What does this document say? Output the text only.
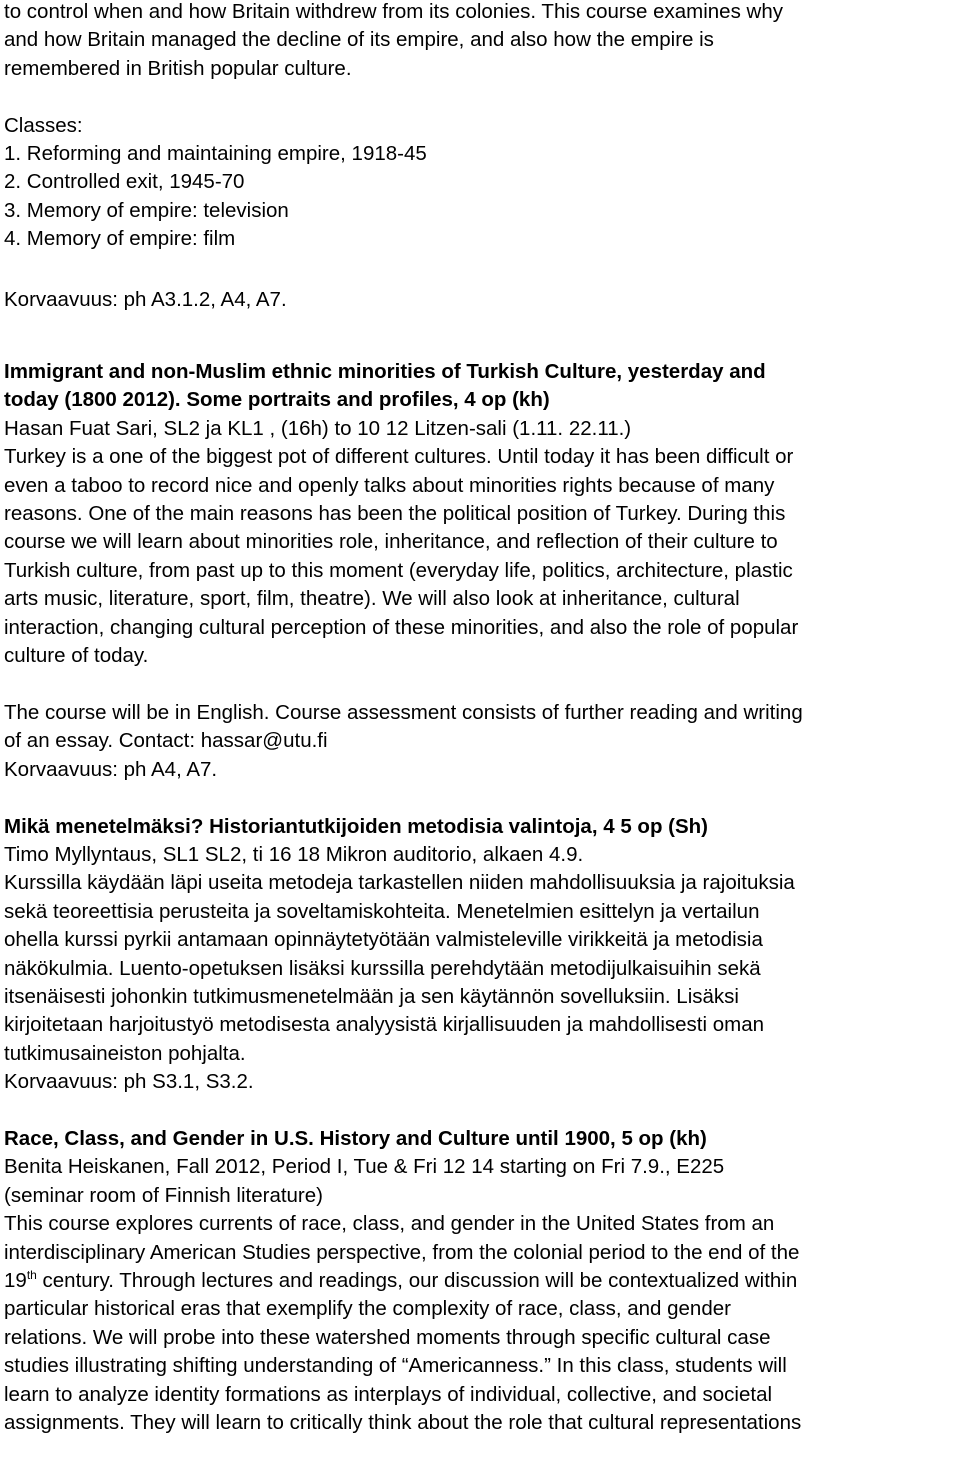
to control when and how Britain withdrew from its colonies. This course examines why
and how Britain managed the decline of its empire, and also how the empire is
remembered in British popular culture.
Classes:
1. Reforming and maintaining empire, 1918-45
2. Controlled exit, 1945-70
3. Memory of empire: television
4. Memory of empire: film
Korvaavuus: ph A3.1.2, A4, A7.
Immigrant and non-Muslim ethnic minorities of Turkish Culture, yesterday and
today (1800 2012). Some portraits and profiles, 4 op (kh)
Hasan Fuat Sari, SL2 ja KL1 , (16h) to 10 12 Litzen-sali (1.11. 22.11.)
Turkey is a one of the biggest pot of different cultures. Until today it has been difficult or
even a taboo to record nice and openly talks about minorities rights because of many
reasons. One of the main reasons has been the political position of Turkey. During this
course we will learn about minorities role, inheritance, and reflection of their culture to
Turkish culture, from past up to this moment (everyday life, politics, architecture, plastic
arts music, literature, sport, film, theatre). We will also look at inheritance, cultural
interaction, changing cultural perception of these minorities, and also the role of popular
culture of today.
The course will be in English. Course assessment consists of further reading and writing
of an essay. Contact: hassar@utu.fi
Korvaavuus: ph A4, A7.
Mikä menetelmäksi? Historiantutkijoiden metodisia valintoja, 4 5 op (Sh)
Timo Myllyntaus, SL1 SL2, ti 16 18 Mikron auditorio, alkaen 4.9.
Kurssilla käydään läpi useita metodeja tarkastellen niiden mahdollisuuksia ja rajoituksia
sekä teoreettisia perusteita ja soveltamiskohteita. Menetelmien esittelyn ja vertailun
ohella kurssi pyrkii antamaan opinnäytetyötään valmisteleville virikkeitä ja metodisia
näkökulmia. Luento-opetuksen lisäksi kurssilla perehdytään metodijulkaisuihin sekä
itsenäisesti johonkin tutkimusmenetelmään ja sen käytännön sovelluksiin. Lisäksi
kirjoitetaan harjoitustyö metodisesta analyysistä kirjallisuuden ja mahdollisesti oman
tutkimusaineiston pohjalta.
Korvaavuus: ph S3.1, S3.2.
Race, Class, and Gender in U.S. History and Culture until 1900, 5 op (kh)
Benita Heiskanen, Fall 2012, Period I, Tue & Fri 12 14 starting on Fri 7.9., E225
(seminar room of Finnish literature)
This course explores currents of race, class, and gender in the United States from an
interdisciplinary American Studies perspective, from the colonial period to the end of the
19th century. Through lectures and readings, our discussion will be contextualized within
particular historical eras that exemplify the complexity of race, class, and gender
relations. We will probe into these watershed moments through specific cultural case
studies illustrating shifting understanding of “Americanness.” In this class, students will
learn to analyze identity formations as interplays of individual, collective, and societal
assignments. They will learn to critically think about the role that cultural representations
